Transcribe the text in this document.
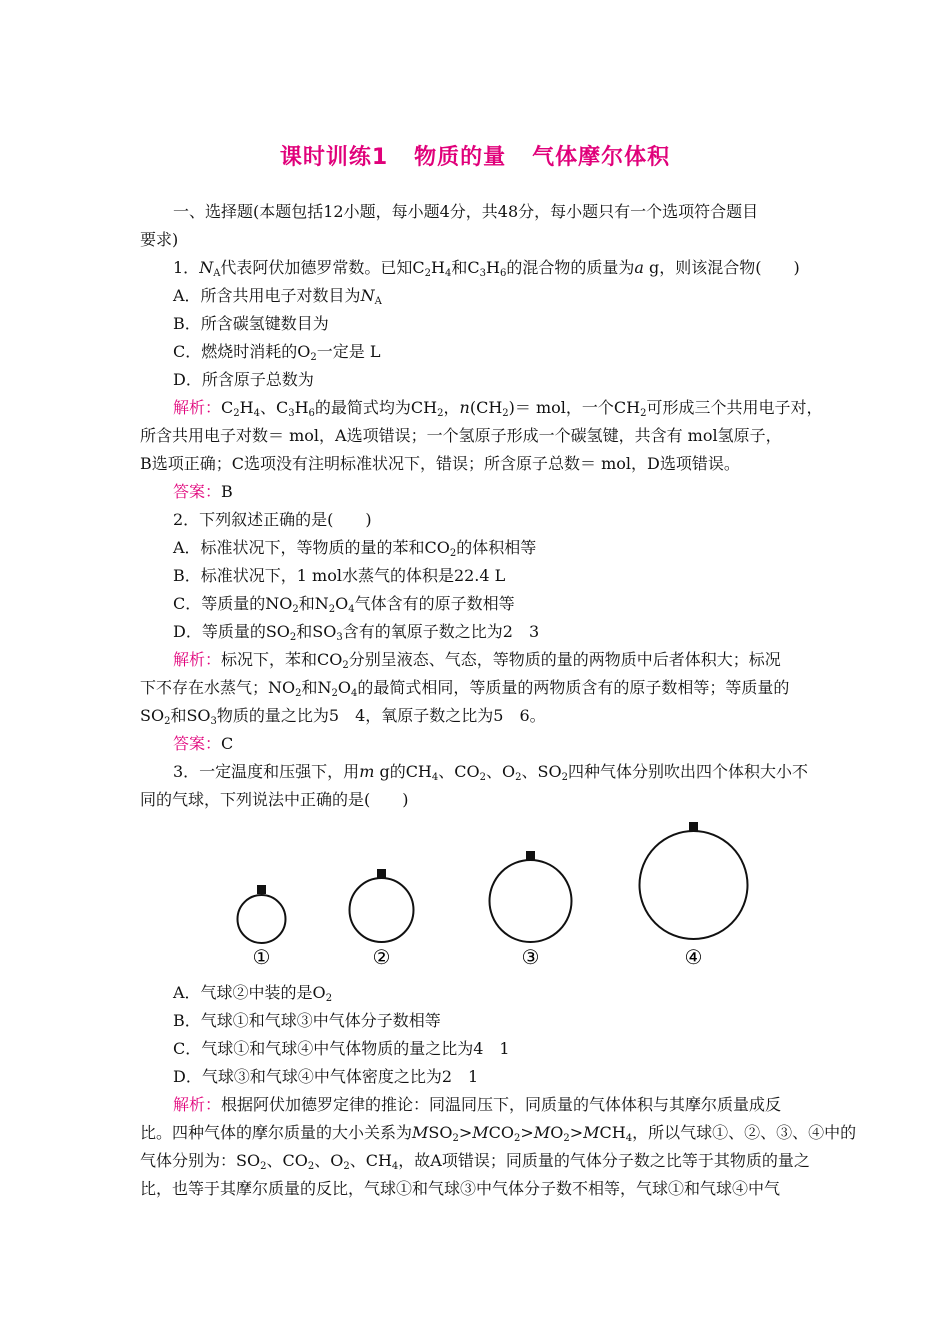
课时训练1 物质的量 气体摩尔体积
一、选择题(本题包括12小题，每小题4分，共48分，每小题只有一个选项符合题目
要求)
1．$N_A$代表阿伏加德罗常数。已知$C_2H_4$和$C_3H_6$的混合物的质量为a g，则该混合物(　　)
A．所含共用电子对数目为$N_A$
B．所含碳氢键数目为
C．燃烧时消耗的$O_2$一定是 L
D．所含原子总数为
解析：$C_2H_4$、$C_3H_6$的最简式均为$CH_2$，$n(CH_2)=$ mol，一个$CH_2$可形成三个共用电子对，
所含共用电子对数＝ mol，A选项错误；一个氢原子形成一个碳氢键，共含有 mol氢原子，
B选项正确；C选项没有注明标准状况下，错误；所含原子总数＝ mol，D选项错误。
答案：B
2．下列叙述正确的是(　　)
A．标准状况下，等物质的量的苯和$CO_2$的体积相等
B．标准状况下，1 mol水蒸气的体积是22.4 L
C．等质量的$NO_2$和$N_2O_4$气体含有的原子数相等
D．等质量的$SO_2$和$SO_3$含有的氧原子数之比为2　3
解析：标况下，苯和$CO_2$分别呈液态、气态，等物质的量的两物质中后者体积大；标况
下不存在水蒸气；$NO_2$和$N_2O_4$的最简式相同，等质量的两物质含有的原子数相等；等质量的
$SO_2$和$SO_3$物质的量之比为5　4，氧原子数之比为5　6。
答案：C
3．一定温度和压强下，用m g的$CH_4$、$CO_2$、$O_2$、$SO_2$四种气体分别吹出四个体积大小不
同的气球，下列说法中正确的是(　　)
①	②	③	④
A．气球②中装的是$O_2$
B．气球①和气球③中气体分子数相等
C．气球①和气球④中气体物质的量之比为4　1
D．气球③和气球④中气体密度之比为2　1
解析：根据阿伏加德罗定律的推论：同温同压下，同质量的气体体积与其摩尔质量成反
比。四种气体的摩尔质量的大小关系为$MSO_2>MCO_2>MO_2>MCH_4$，所以气球①、②、③、④中的
气体分别为：$SO_2$、$CO_2$、$O_2$、$CH_4$，故A项错误；同质量的气体分子数之比等于其物质的量之
比，也等于其摩尔质量的反比，气球①和气球③中气体分子数不相等，气球①和气球④中气
